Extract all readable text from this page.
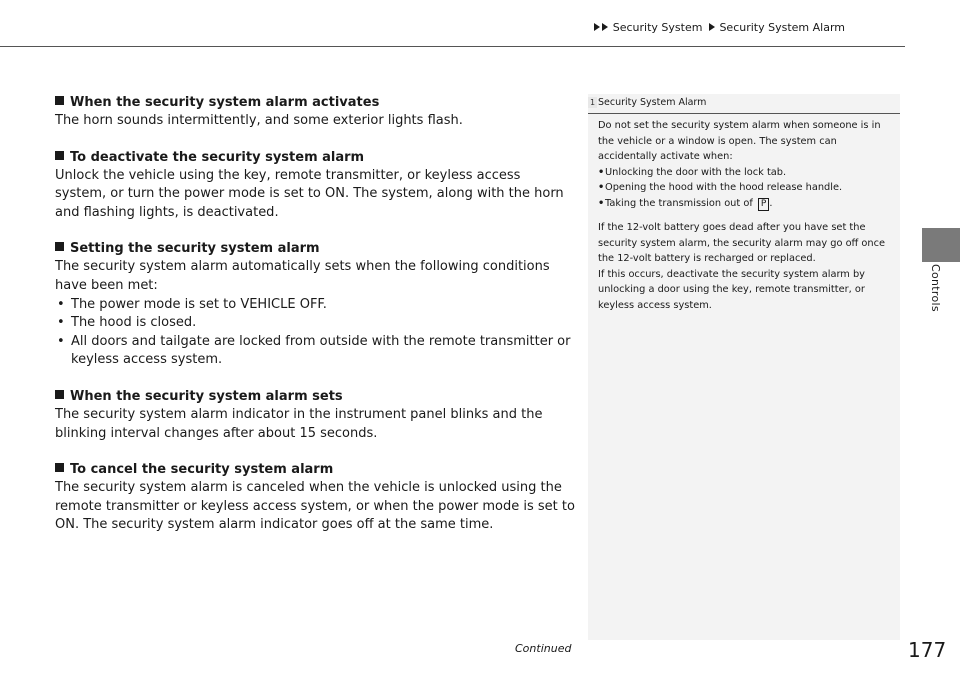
Security System Security System Alarm
When the security system alarm activates
The horn sounds intermittently, and some exterior lights flash.
To deactivate the security system alarm
Unlock the vehicle using the key, remote transmitter, or keyless access system, or turn the power mode is set to ON. The system, along with the horn and flashing lights, is deactivated.
Setting the security system alarm
The security system alarm automatically sets when the following conditions have been met:
• The power mode is set to VEHICLE OFF.
• The hood is closed.
• All doors and tailgate are locked from outside with the remote transmitter or keyless access system.
When the security system alarm sets
The security system alarm indicator in the instrument panel blinks and the blinking interval changes after about 15 seconds.
To cancel the security system alarm
The security system alarm is canceled when the vehicle is unlocked using the remote transmitter or keyless access system, or when the power mode is set to ON. The security system alarm indicator goes off at the same time.
1 Security System Alarm

Do not set the security system alarm when someone is in the vehicle or a window is open. The system can accidentally activate when:

• Unlocking the door with the lock tab.
• Opening the hood with the hood release handle.
• Taking the transmission out of P .

If the 12-volt battery goes dead after you have set the security system alarm, the security alarm may go off once the 12-volt battery is recharged or replaced.

If this occurs, deactivate the security system alarm by unlocking a door using the key, remote transmitter, or keyless access system.	Controls
Continued	177
